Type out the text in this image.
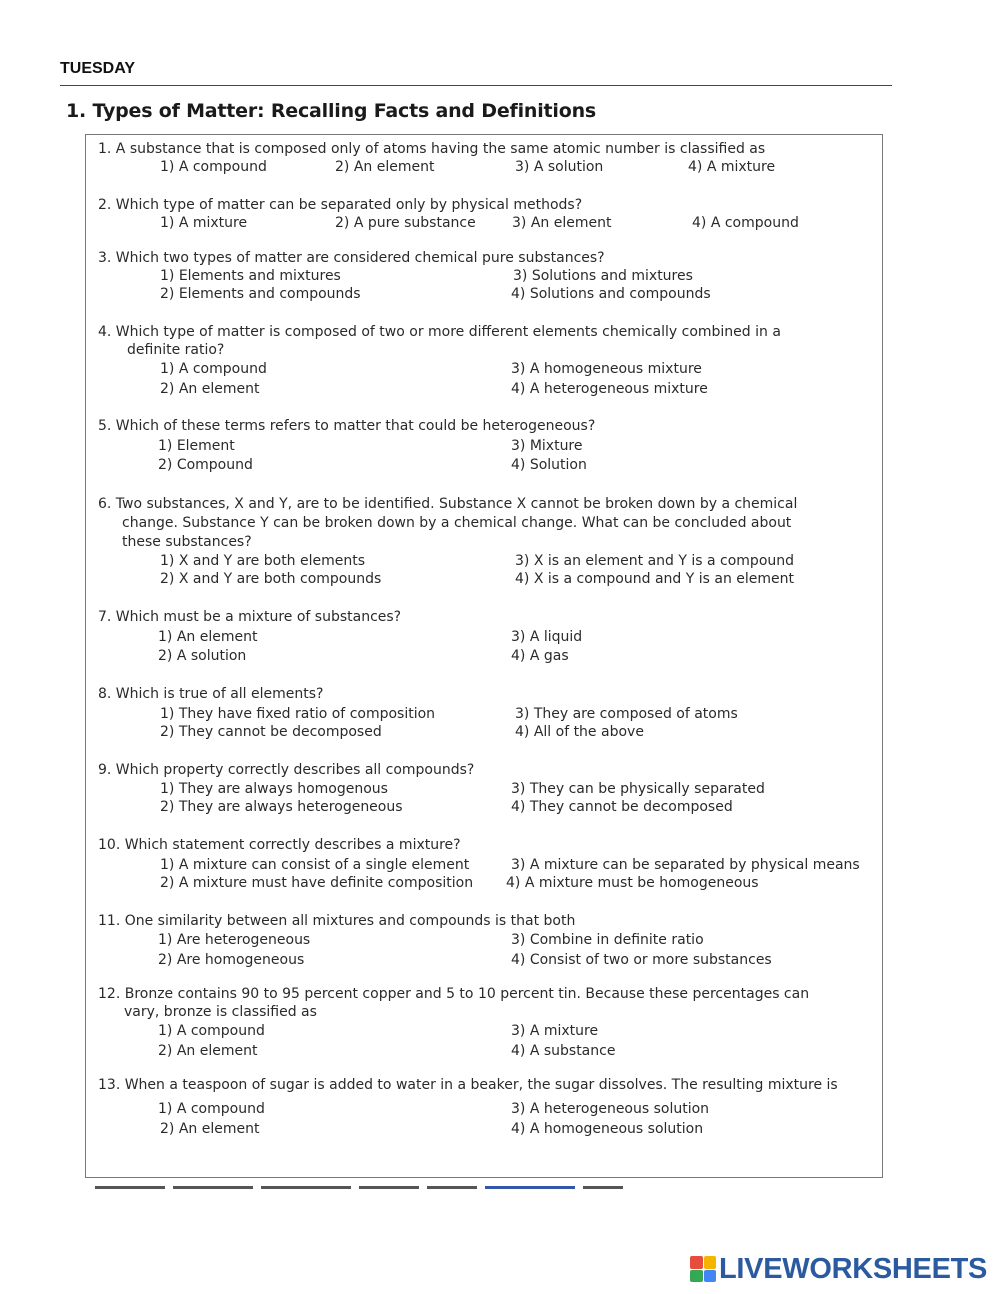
TUESDAY
1. Types of Matter: Recalling Facts and Definitions
1. A substance that is composed only of atoms having the same atomic number is classified as
1) A compound	2) An element	3) A solution	4) A mixture
2. Which type of matter can be separated only by physical methods?
1) A mixture	2) A pure substance	3) An element	4) A compound
3. Which two types of matter are considered chemical pure substances?
1) Elements and mixtures	3) Solutions and mixtures
2) Elements and compounds	4) Solutions and compounds
4. Which type of matter is composed of two or more different elements chemically combined in a
definite ratio?
1) A compound	3) A homogeneous mixture
2) An element	4) A heterogeneous mixture
5. Which of these terms refers to matter that could be heterogeneous?
1) Element	3) Mixture
2) Compound	4) Solution
6. Two substances, X and Y, are to be identified. Substance X cannot be broken down by a chemical
change. Substance Y can be broken down by a chemical change. What can be concluded about
these substances?
1) X and Y are both elements	3) X is an element and Y is a compound
2) X and Y are both compounds	4) X is a compound and Y is an element
7. Which must be a mixture of substances?
1) An element	3) A liquid
2) A solution	4) A gas
8. Which is true of all elements?
1) They have fixed ratio of composition	3) They are composed of atoms
2) They cannot be decomposed	4) All of the above
9. Which property correctly describes all compounds?
1) They are always homogenous	3) They can be physically separated
2) They are always heterogeneous	4) They cannot be decomposed
10. Which statement correctly describes a mixture?
1) A mixture can consist of a single element	3) A mixture can be separated by physical means
2) A mixture must have definite composition 4) A mixture must be homogeneous
11. One similarity between all mixtures and compounds is that both
1) Are heterogeneous	3) Combine in definite ratio
2) Are homogeneous	4) Consist of two or more substances
12. Bronze contains 90 to 95 percent copper and 5 to 10 percent tin. Because these percentages can
vary, bronze is classified as
1) A compound	3) A mixture
2) An element	4) A substance
13. When a teaspoon of sugar is added to water in a beaker, the sugar dissolves. The resulting mixture is
1) A compound	3) A heterogeneous solution
2) An element	4) A homogeneous solution
LIVEWORKSHEETS
